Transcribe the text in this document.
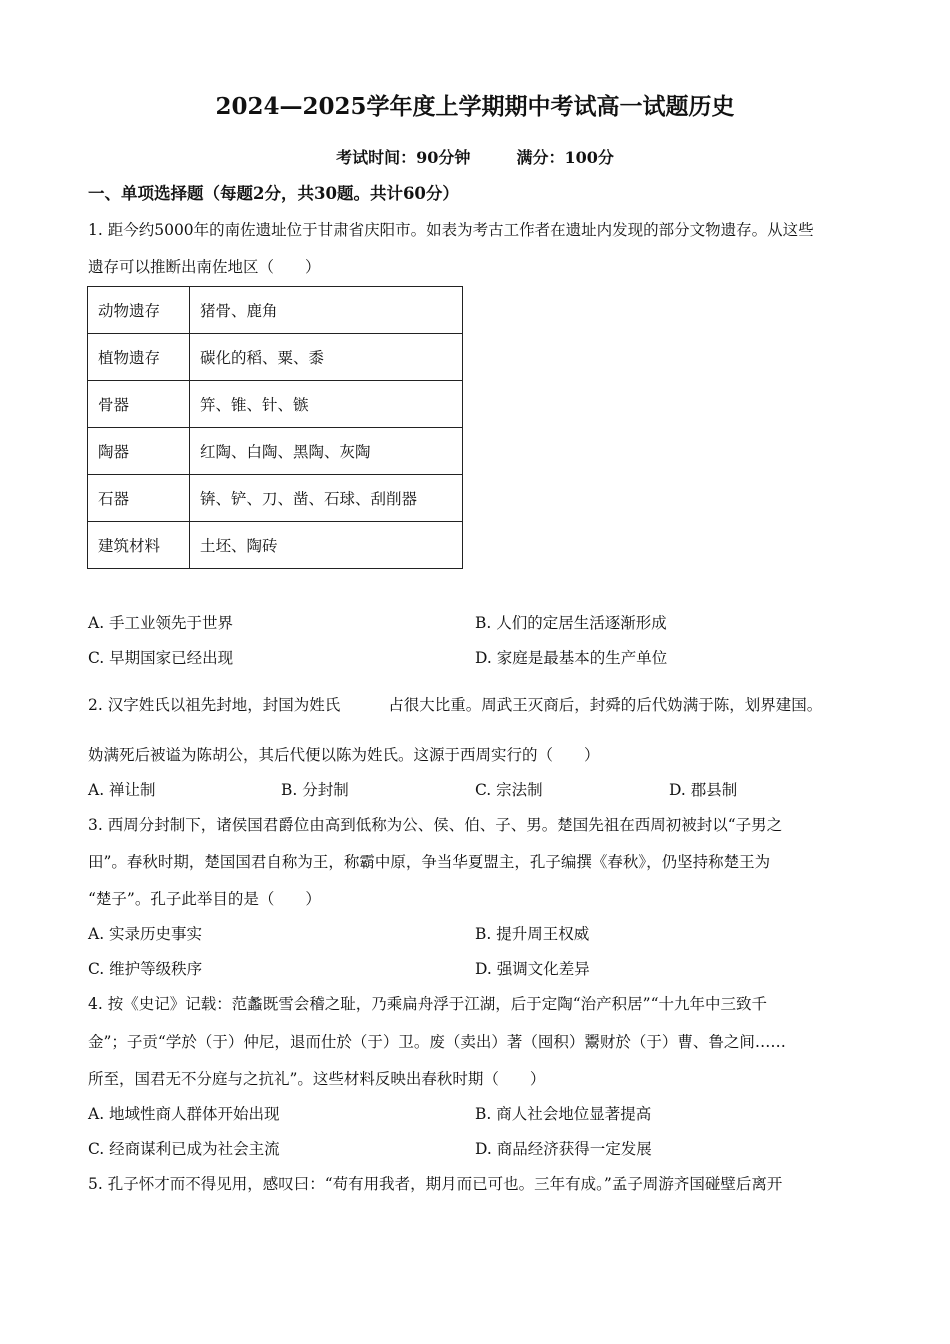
2024—2025学年度上学期期中考试高一试题历史
考试时间：90分钟	满分：100分
一、单项选择题（每题2分，共30题。共计60分）
1. 距今约5000年的南佐遗址位于甘肃省庆阳市。如表为考古工作者在遗址内发现的部分文物遗存。从这些
遗存可以推断出南佐地区（　　）
动物遗存	猪骨、鹿角
植物遗存	碳化的稻、粟、黍
骨器	笄、锥、针、镞
陶器	红陶、白陶、黑陶、灰陶
石器	锛、铲、刀、凿、石球、刮削器
建筑材料	土坯、陶砖
A. 手工业领先于世界	B. 人们的定居生活逐渐形成
C. 早期国家已经出现	D. 家庭是最基本的生产单位
2. 汉字姓氏以祖先封地，封国为姓氏	占很大比重。周武王灭商后，封舜的后代妫满于陈，划界建国。
妫满死后被谥为陈胡公，其后代便以陈为姓氏。这源于西周实行的（　　）
A. 禅让制	B. 分封制	C. 宗法制	D. 郡县制
3. 西周分封制下，诸侯国君爵位由高到低称为公、侯、伯、子、男。楚国先祖在西周初被封以“子男之
田”。春秋时期，楚国国君自称为王，称霸中原，争当华夏盟主，孔子编撰《春秋》，仍坚持称楚王为
“楚子”。孔子此举目的是（　　）
A. 实录历史事实	B. 提升周王权威
C. 维护等级秩序	D. 强调文化差异
4. 按《史记》记载：范蠡既雪会稽之耻，乃乘扁舟浮于江湖，后于定陶“治产积居”“十九年中三致千
金”；子贡“学於（于）仲尼，退而仕於（于）卫。废（卖出）著（囤积）鬻财於（于）曹、鲁之间……
所至，国君无不分庭与之抗礼”。这些材料反映出春秋时期（　　）
A. 地域性商人群体开始出现	B. 商人社会地位显著提高
C. 经商谋利已成为社会主流	D. 商品经济获得一定发展
5. 孔子怀才而不得见用，感叹曰：“苟有用我者，期月而已可也。三年有成。”孟子周游齐国碰壁后离开
